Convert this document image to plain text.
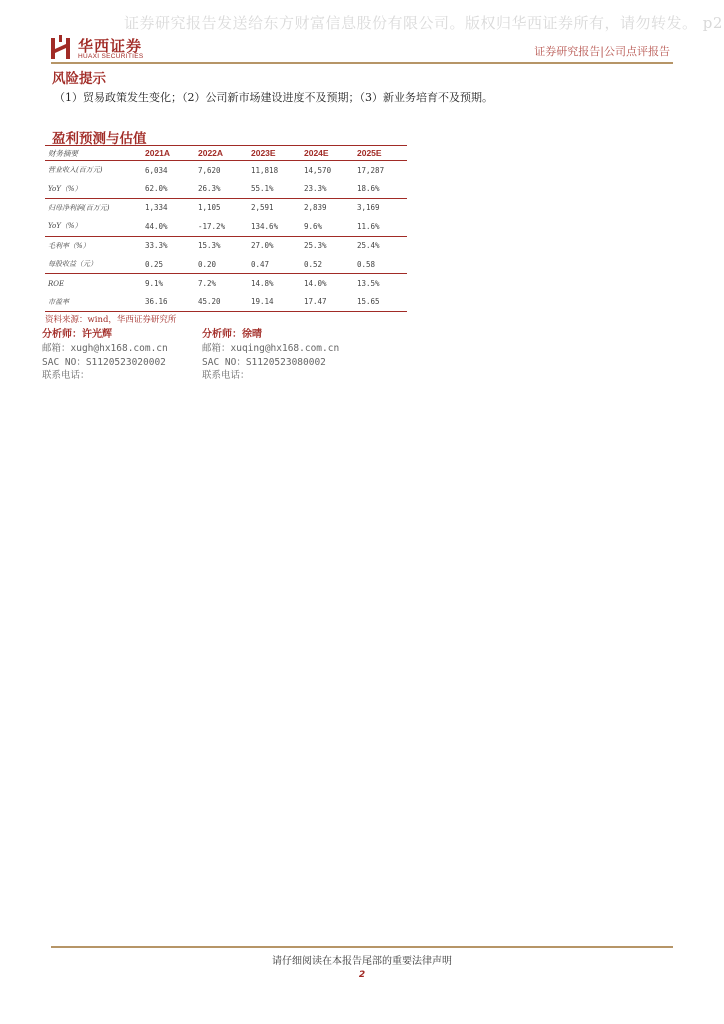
证券研究报告发送给东方财富信息股份有限公司。版权归华西证券所有，请勿转发。 p2
华西证券
HUAXI SECURITIES	证券研究报告|公司点评报告
风险提示
（1）贸易政策发生变化；（2）公司新市场建设进度不及预期；（3）新业务培育不及预期。
盈利预测与估值
财务摘要	2021A	2022A	2023E	2024E	2025E
营业收入(百万元)	6,034	7,620	11,818	14,570	17,287
YoY（%）	62.0%	26.3%	55.1%	23.3%	18.6%
归母净利润(百万元)	1,334	1,105	2,591	2,839	3,169
YoY（%）	44.0%	-17.2%	134.6%	9.6%	11.6%
毛利率（%）	33.3%	15.3%	27.0%	25.3%	25.4%
每股收益（元）	0.25	0.20	0.47	0.52	0.58
ROE	9.1%	7.2%	14.8%	14.0%	13.5%
市盈率	36.16	45.20	19.14	17.47	15.65
资料来源：wind，华西证券研究所
分析师：许光辉
邮箱：xugh@hx168.com.cn
SAC NO：S1120523020002
联系电话：
分析师：徐晴
邮箱：xuqing@hx168.com.cn
SAC NO：S1120523080002
联系电话：
请仔细阅读在本报告尾部的重要法律声明
2
